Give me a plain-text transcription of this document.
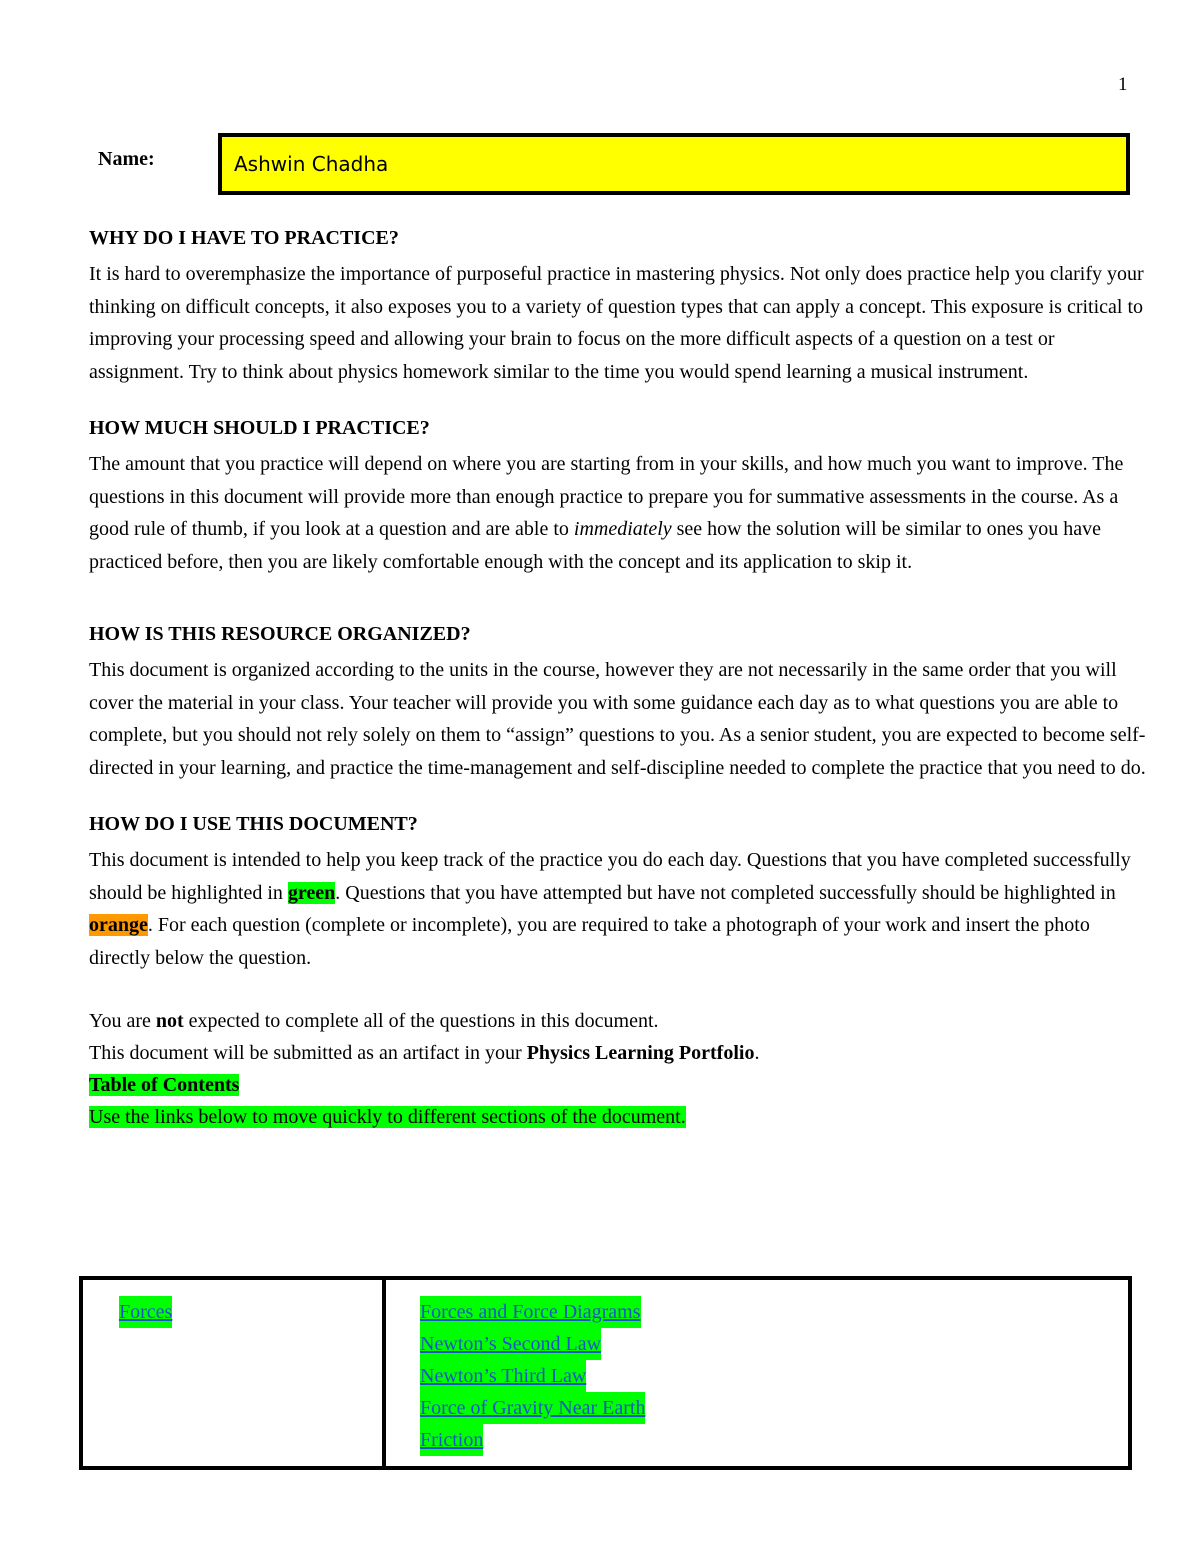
1
Name:	Ashwin Chadha

WHY DO I HAVE TO PRACTICE?

It is hard to overemphasize the importance of purposeful practice in mastering physics. Not only does practice help you clarify your thinking on difficult concepts, it also exposes you to a variety of question types that can apply a concept. This exposure is critical to improving your processing speed and allowing your brain to focus on the more difficult aspects of a question on a test or assignment. Try to think about physics homework similar to the time you would spend learning a musical instrument.

HOW MUCH SHOULD I PRACTICE?

The amount that you practice will depend on where you are starting from in your skills, and how much you want to improve. The questions in this document will provide more than enough practice to prepare you for summative assessments in the course. As a good rule of thumb, if you look at a question and are able to immediately see how the solution will be similar to ones you have practiced before, then you are likely comfortable enough with the concept and its application to skip it.

HOW IS THIS RESOURCE ORGANIZED?

This document is organized according to the units in the course, however they are not necessarily in the same order that you will cover the material in your class. Your teacher will provide you with some guidance each day as to what questions you are able to complete, but you should not rely solely on them to “assign” questions to you. As a senior student, you are expected to become self-directed in your learning, and practice the time-management and self-discipline needed to complete the practice that you need to do.

HOW DO I USE THIS DOCUMENT?

This document is intended to help you keep track of the practice you do each day. Questions that you have completed successfully should be highlighted in green. Questions that you have attempted but have not completed successfully should be highlighted in orange. For each question (complete or incomplete), you are required to take a photograph of your work and insert the photo directly below the question.

You are not expected to complete all of the questions in this document.

This document will be submitted as an artifact in your Physics Learning Portfolio.

Table of Contents

Use the links below to move quickly to different sections of the document.

Forces	Forces and Force Diagrams
Newton’s Second Law
Newton’s Third Law
Force of Gravity Near Earth
Friction
